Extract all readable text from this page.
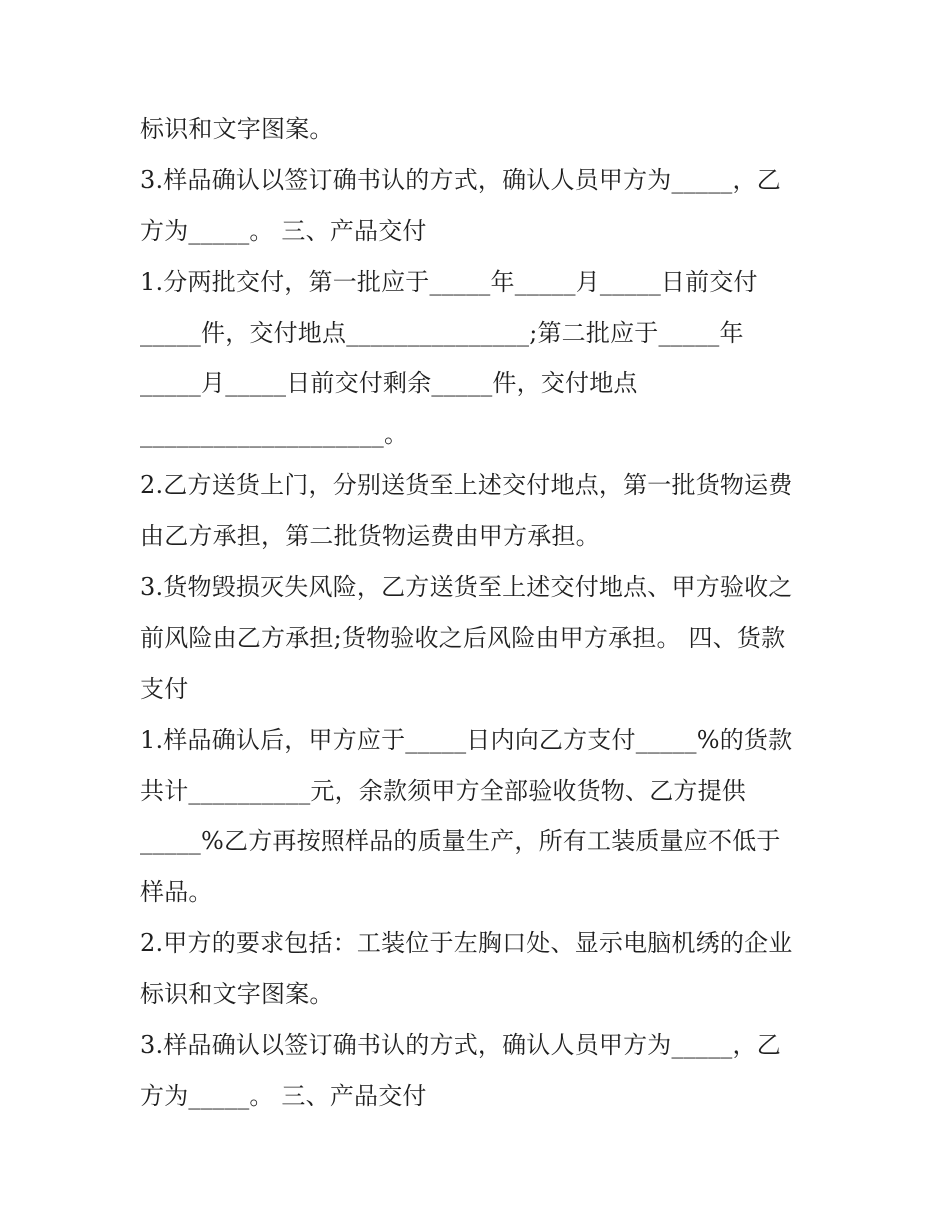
标识和文字图案。
3.样品确认以签订确书认的方式，确认人员甲方为_____，乙
方为_____。 三、产品交付
1.分两批交付，第一批应于_____年_____月_____日前交付
_____件，交付地点_______________;第二批应于_____年
_____月_____日前交付剩余_____件，交付地点
____________________。
2.乙方送货上门，分别送货至上述交付地点，第一批货物运费
由乙方承担，第二批货物运费由甲方承担。
3.货物毁损灭失风险，乙方送货至上述交付地点、甲方验收之
前风险由乙方承担;货物验收之后风险由甲方承担。 四、货款
支付
1.样品确认后，甲方应于_____日内向乙方支付_____%的货款
共计__________元，余款须甲方全部验收货物、乙方提供
_____%乙方再按照样品的质量生产，所有工装质量应不低于
样品。
2.甲方的要求包括：工装位于左胸口处、显示电脑机绣的企业
标识和文字图案。
3.样品确认以签订确书认的方式，确认人员甲方为_____，乙
方为_____。 三、产品交付
